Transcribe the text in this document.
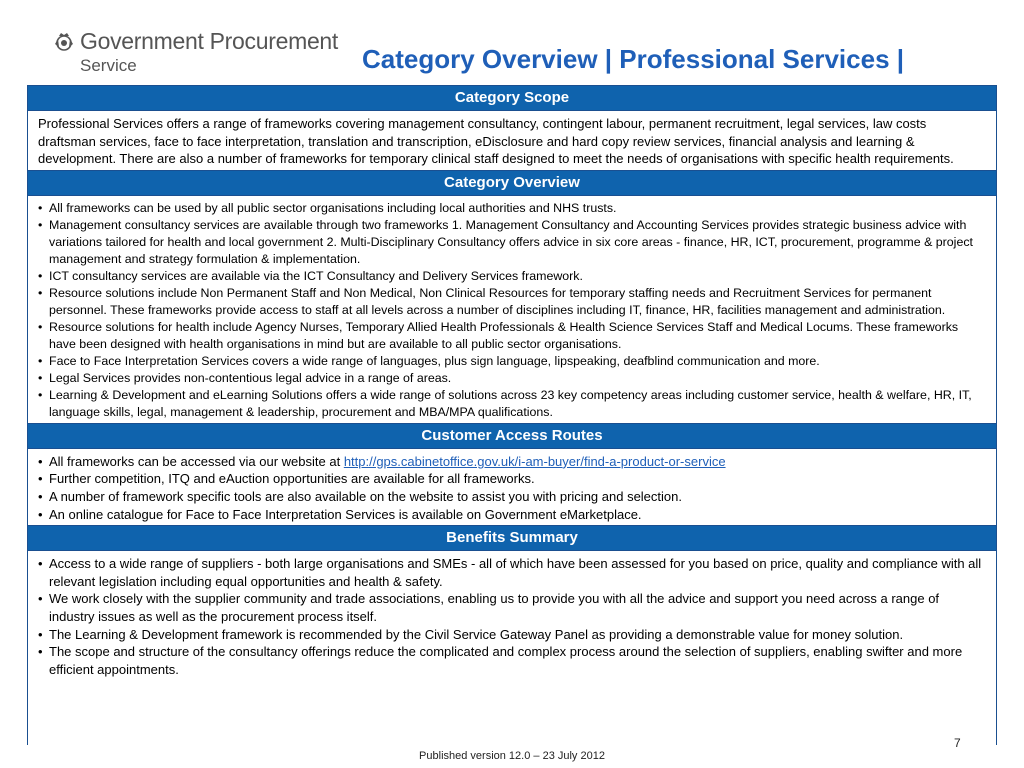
Government Procurement
Service	Category Overview | Professional Services |
Category Scope
Professional Services offers a range of frameworks covering management consultancy, contingent labour, permanent recruitment, legal services, law costs draftsman services, face to face interpretation, translation and transcription, eDisclosure and hard copy review services, financial analysis and learning & development. There are also a number of frameworks for temporary clinical staff designed to meet the needs of organisations with specific health requirements.
Category Overview
• All frameworks can be used by all public sector organisations including local authorities and NHS trusts.
• Management consultancy services are available through two frameworks 1. Management Consultancy and Accounting Services provides strategic business advice with variations tailored for health and local government 2. Multi-Disciplinary Consultancy offers advice in six core areas - finance, HR, ICT, procurement, programme & project management and strategy formulation & implementation.
• ICT consultancy services are available via the ICT Consultancy and Delivery Services framework.
• Resource solutions include Non Permanent Staff and Non Medical, Non Clinical Resources for temporary staffing needs and Recruitment Services for permanent personnel. These frameworks provide access to staff at all levels across a number of disciplines including IT, finance, HR, facilities management and administration.
• Resource solutions for health include Agency Nurses, Temporary Allied Health Professionals & Health Science Services Staff and Medical Locums. These frameworks have been designed with health organisations in mind but are available to all public sector organisations.
• Face to Face Interpretation Services covers a wide range of languages, plus sign language, lipspeaking, deafblind communication and more.
• Legal Services provides non-contentious legal advice in a range of areas.
• Learning & Development and eLearning Solutions offers a wide range of solutions across 23 key competency areas including customer service, health & welfare, HR, IT, language skills, legal, management & leadership, procurement and MBA/MPA qualifications.
Customer Access Routes
• All frameworks can be accessed via our website at http://gps.cabinetoffice.gov.uk/i-am-buyer/find-a-product-or-service
• Further competition, ITQ and eAuction opportunities are available for all frameworks.
• A number of framework specific tools are also available on the website to assist you with pricing and selection.
• An online catalogue for Face to Face Interpretation Services is available on Government eMarketplace.
Benefits Summary
• Access to a wide range of suppliers - both large organisations and SMEs - all of which have been assessed for you based on price, quality and compliance with all relevant legislation including equal opportunities and health & safety.
• We work closely with the supplier community and trade associations, enabling us to provide you with all the advice and support you need across a range of industry issues as well as the procurement process itself.
• The Learning & Development framework is recommended by the Civil Service Gateway Panel as providing a demonstrable value for money solution.
• The scope and structure of the consultancy offerings reduce the complicated and complex process around the selection of suppliers, enabling swifter and more efficient appointments.
7
Published version 12.0 – 23 July 2012
